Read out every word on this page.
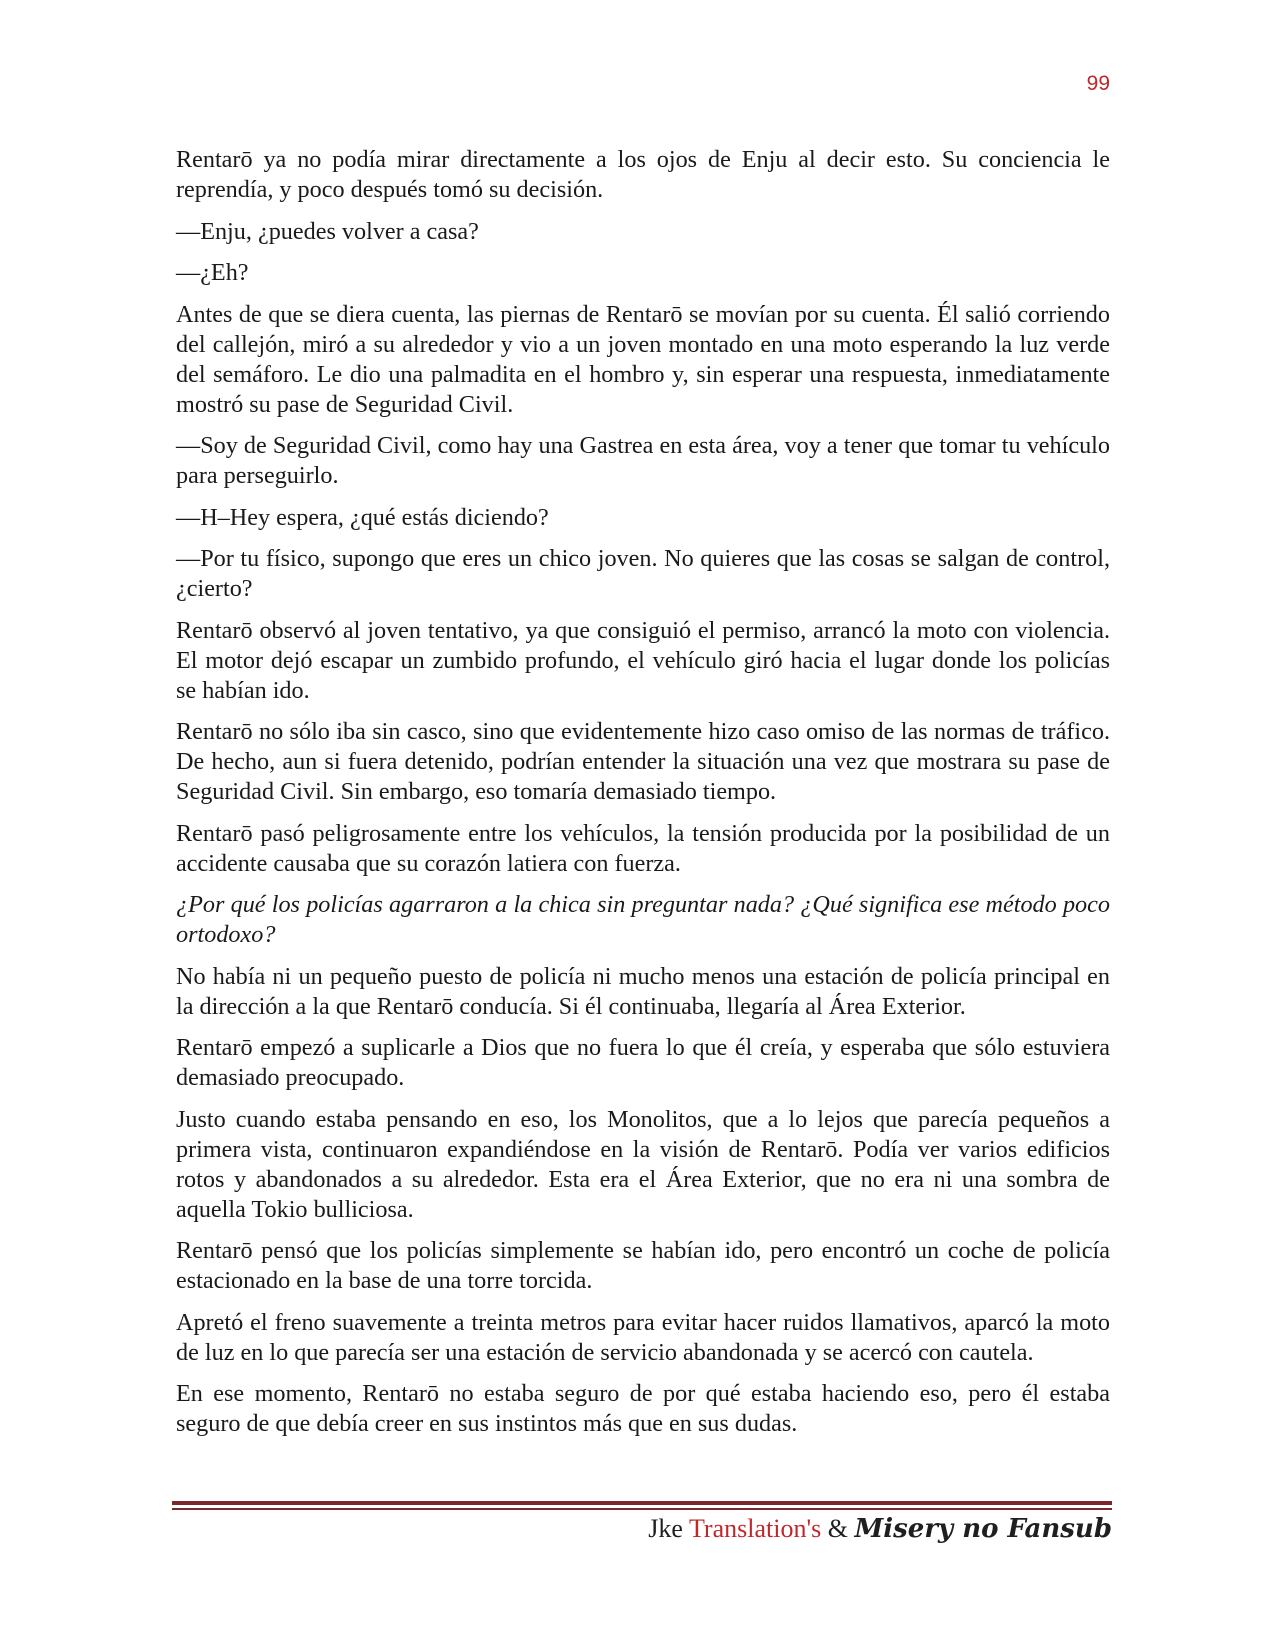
99

Rentarō ya no podía mirar directamente a los ojos de Enju al decir esto. Su conciencia le reprendía, y poco después tomó su decisión.

—Enju, ¿puedes volver a casa?

—¿Eh?

Antes de que se diera cuenta, las piernas de Rentarō se movían por su cuenta. Él salió corriendo del callejón, miró a su alrededor y vio a un joven montado en una moto esperando la luz verde del semáforo. Le dio una palmadita en el hombro y, sin esperar una respuesta, inmediatamente mostró su pase de Seguridad Civil.

—Soy de Seguridad Civil, como hay una Gastrea en esta área, voy a tener que tomar tu vehículo para perseguirlo.

—H–Hey espera, ¿qué estás diciendo?

—Por tu físico, supongo que eres un chico joven. No quieres que las cosas se salgan de control, ¿cierto?

Rentarō observó al joven tentativo, ya que consiguió el permiso, arrancó la moto con violencia. El motor dejó escapar un zumbido profundo, el vehículo giró hacia el lugar donde los policías se habían ido.

Rentarō no sólo iba sin casco, sino que evidentemente hizo caso omiso de las normas de tráfico. De hecho, aun si fuera detenido, podrían entender la situación una vez que mostrara su pase de Seguridad Civil. Sin embargo, eso tomaría demasiado tiempo.

Rentarō pasó peligrosamente entre los vehículos, la tensión producida por la posibilidad de un accidente causaba que su corazón latiera con fuerza.

¿Por qué los policías agarraron a la chica sin preguntar nada? ¿Qué significa ese método poco ortodoxo?

No había ni un pequeño puesto de policía ni mucho menos una estación de policía principal en la dirección a la que Rentarō conducía. Si él continuaba, llegaría al Área Exterior.

Rentarō empezó a suplicarle a Dios que no fuera lo que él creía, y esperaba que sólo estuviera demasiado preocupado.

Justo cuando estaba pensando en eso, los Monolitos, que a lo lejos que parecía pequeños a primera vista, continuaron expandiéndose en la visión de Rentarō. Podía ver varios edificios rotos y abandonados a su alrededor. Esta era el Área Exterior, que no era ni una sombra de aquella Tokio bulliciosa.

Rentarō pensó que los policías simplemente se habían ido, pero encontró un coche de policía estacionado en la base de una torre torcida.

Apretó el freno suavemente a treinta metros para evitar hacer ruidos llamativos, aparcó la moto de luz en lo que parecía ser una estación de servicio abandonada y se acercó con cautela.

En ese momento, Rentarō no estaba seguro de por qué estaba haciendo eso, pero él estaba seguro de que debía creer en sus instintos más que en sus dudas.

Jke Translation's & Misery no Fansub
